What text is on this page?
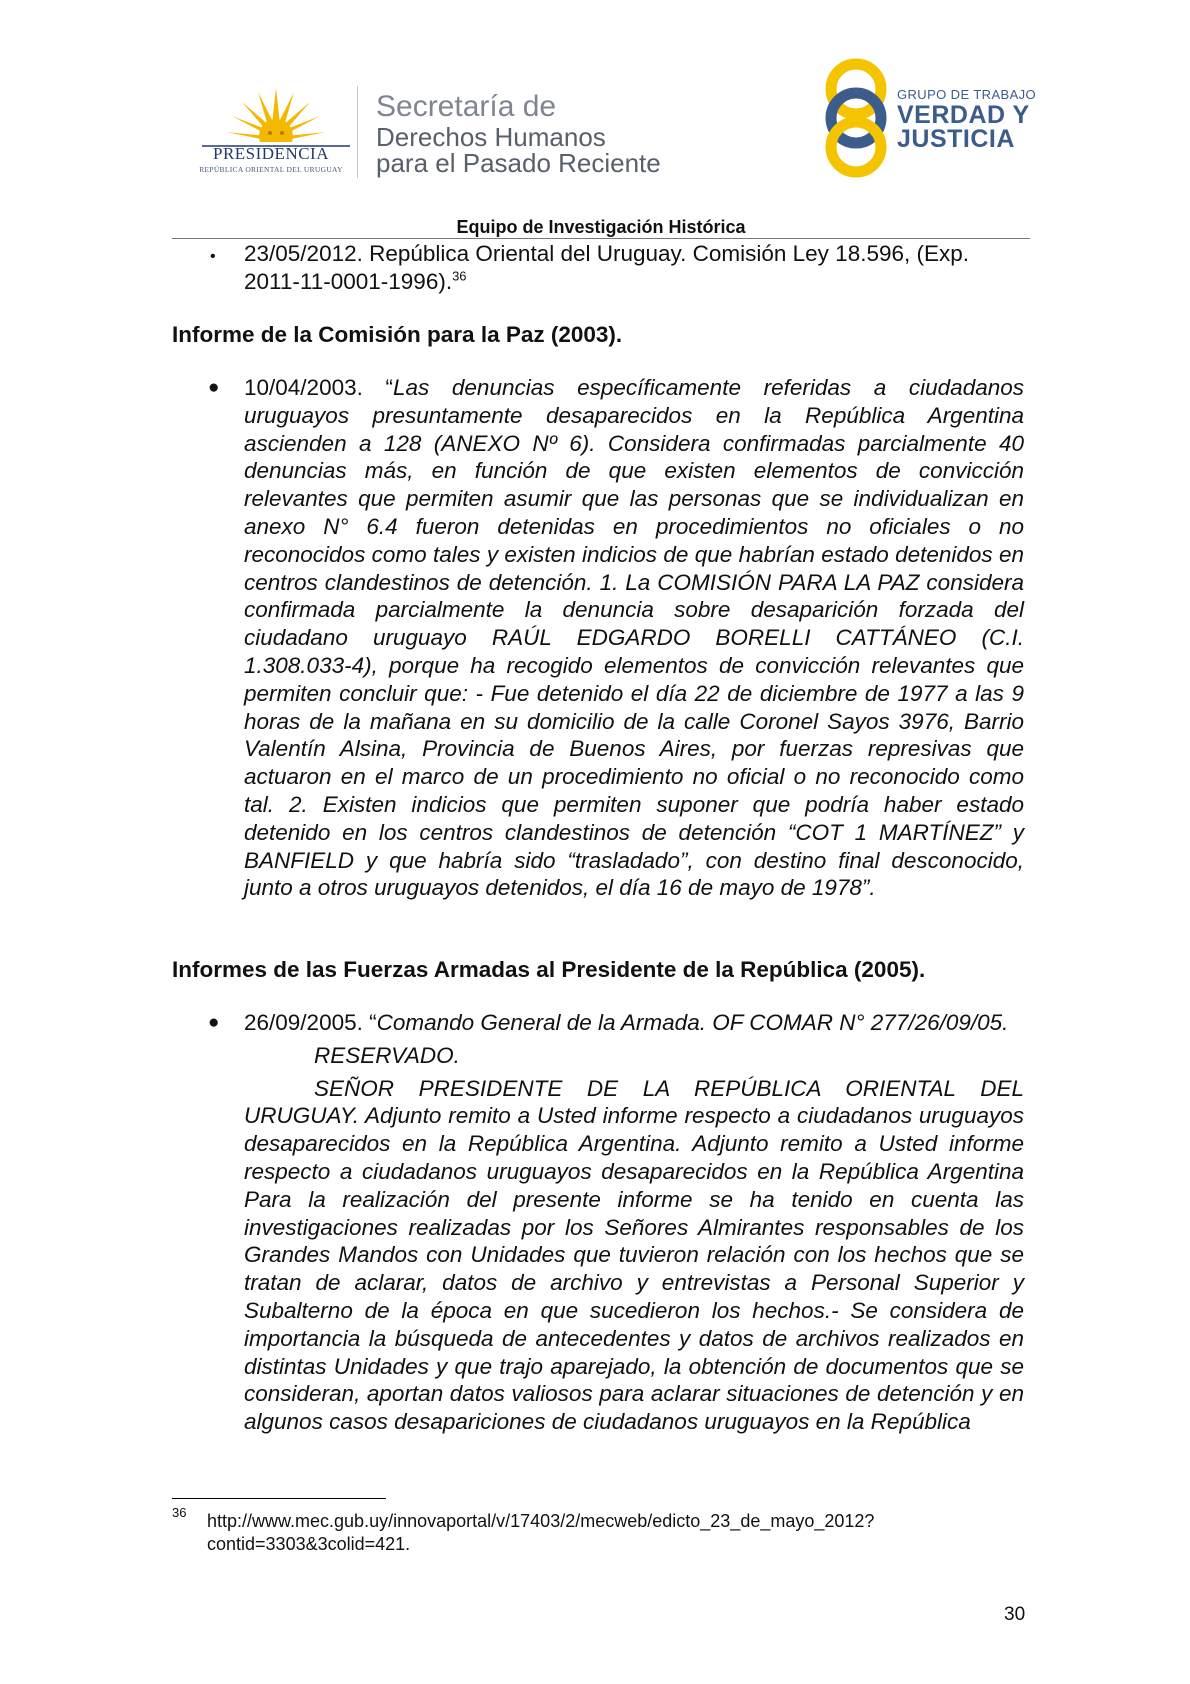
PRESIDENCIA
REPÚBLICA ORIENTAL DEL URUGUAY
Secretaría de
Derechos Humanos
para el Pasado Reciente
GRUPO DE TRABAJO
VERDAD Y
JUSTICIA
Equipo de Investigación Histórica
• 23/05/2012. República Oriental del Uruguay. Comisión Ley 18.596, (Exp.
2011-11-0001-1996).$^{36}$
Informe de la Comisión para la Paz (2003).
● 10/04/2003. “Las denuncias específicamente referidas a ciudadanos uruguayos presuntamente desaparecidos en la República Argentina ascienden a 128 (ANEXO Nº 6). Considera confirmadas parcialmente 40 denuncias más, en función de que existen elementos de convicción relevantes que permiten asumir que las personas que se individualizan en anexo N° 6.4 fueron detenidas en procedimientos no oficiales o no reconocidos como tales y existen indicios de que habrían estado detenidos en centros clandestinos de detención. 1. La COMISIÓN PARA LA PAZ considera confirmada parcialmente la denuncia sobre desaparición forzada del ciudadano uruguayo RAÚL EDGARDO BORELLI CATTÁNEO (C.I. 1.308.033-4), porque ha recogido elementos de convicción relevantes que permiten concluir que: - Fue detenido el día 22 de diciembre de 1977 a las 9 horas de la mañana en su domicilio de la calle Coronel Sayos 3976, Barrio Valentín Alsina, Provincia de Buenos Aires, por fuerzas represivas que actuaron en el marco de un procedimiento no oficial o no reconocido como tal. 2. Existen indicios que permiten suponer que podría haber estado detenido en los centros clandestinos de detención “COT 1 MARTÍNEZ” y BANFIELD y que habría sido “trasladado”, con destino final desconocido, junto a otros uruguayos detenidos, el día 16 de mayo de 1978”.
Informes de las Fuerzas Armadas al Presidente de la República (2005).
● 26/09/2005. “Comando General de la Armada. OF COMAR N° 277/26/09/05.
RESERVADO.
SEÑOR PRESIDENTE DE LA REPÚBLICA ORIENTAL DEL URUGUAY. Adjunto remito a Usted informe respecto a ciudadanos uruguayos desaparecidos en la República Argentina. Adjunto remito a Usted informe respecto a ciudadanos uruguayos desaparecidos en la República Argentina Para la realización del presente informe se ha tenido en cuenta las investigaciones realizadas por los Señores Almirantes responsables de los Grandes Mandos con Unidades que tuvieron relación con los hechos que se tratan de aclarar, datos de archivo y entrevistas a Personal Superior y Subalterno de la época en que sucedieron los hechos.- Se considera de importancia la búsqueda de antecedentes y datos de archivos realizados en distintas Unidades y que trajo aparejado, la obtención de documentos que se consideran, aportan datos valiosos para aclarar situaciones de detención y en algunos casos desapariciones de ciudadanos uruguayos en la República
36 http://www.mec.gub.uy/innovaportal/v/17403/2/mecweb/edicto_23_de_mayo_2012?
contid=3303&3colid=421.
30
